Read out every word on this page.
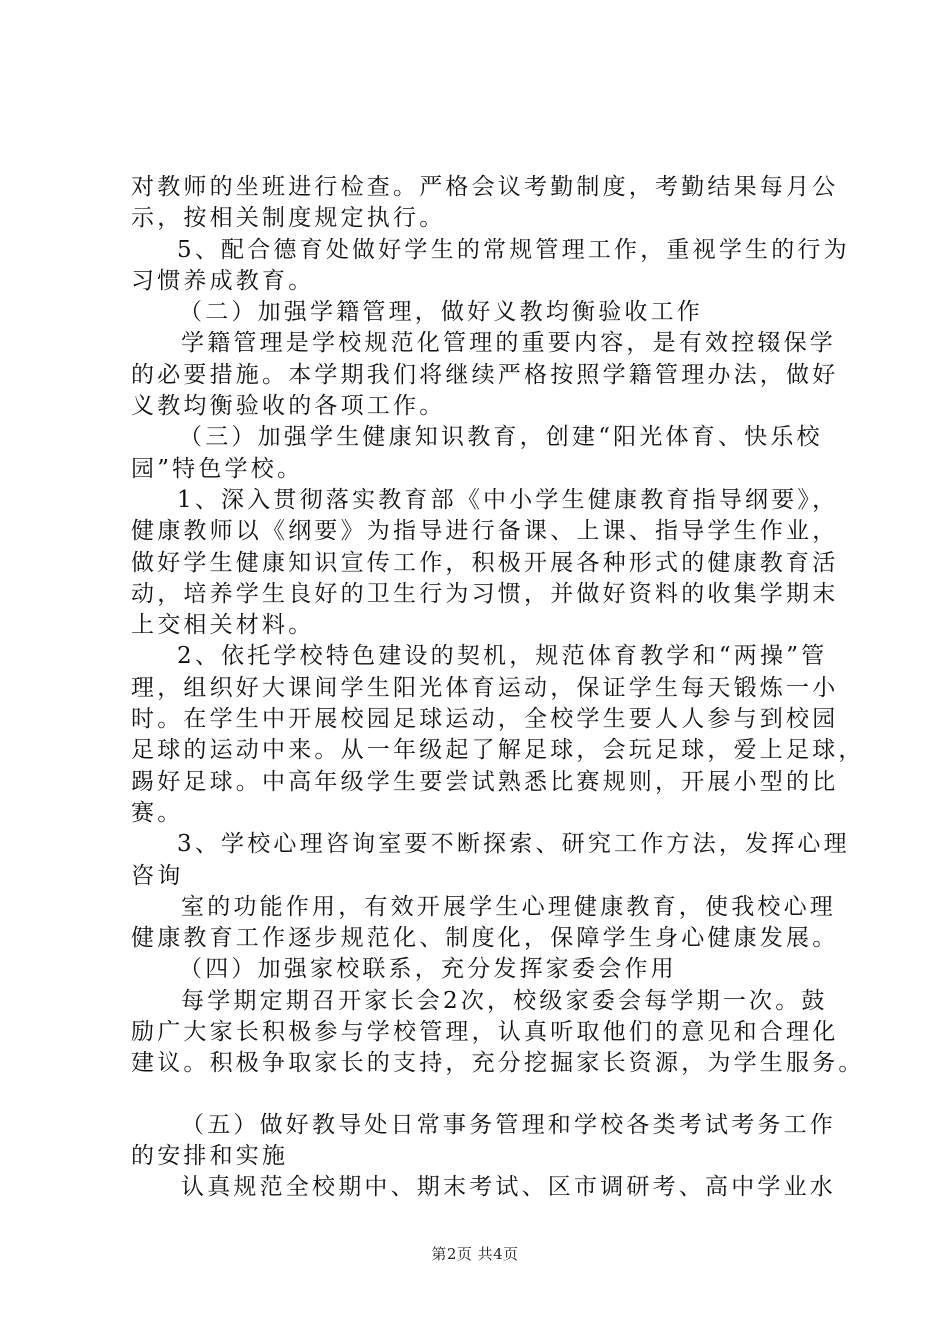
对教师的坐班进行检查。严格会议考勤制度，考勤结果每月公
示，按相关制度规定执行。
5、配合德育处做好学生的常规管理工作，重视学生的行为
习惯养成教育。
（二）加强学籍管理，做好义教均衡验收工作
学籍管理是学校规范化管理的重要内容，是有效控辍保学
的必要措施。本学期我们将继续严格按照学籍管理办法，做好
义教均衡验收的各项工作。
（三）加强学生健康知识教育，创建“阳光体育、快乐校
园”特色学校。
1、深入贯彻落实教育部《中小学生健康教育指导纲要》，
健康教师以《纲要》为指导进行备课、上课、指导学生作业，
做好学生健康知识宣传工作，积极开展各种形式的健康教育活
动，培养学生良好的卫生行为习惯，并做好资料的收集学期末
上交相关材料。
2、依托学校特色建设的契机，规范体育教学和“两操”管
理，组织好大课间学生阳光体育运动，保证学生每天锻炼一小
时。在学生中开展校园足球运动，全校学生要人人参与到校园
足球的运动中来。从一年级起了解足球，会玩足球，爱上足球，
踢好足球。中高年级学生要尝试熟悉比赛规则，开展小型的比
赛。
3、学校心理咨询室要不断探索、研究工作方法，发挥心理
咨询
室的功能作用，有效开展学生心理健康教育，使我校心理
健康教育工作逐步规范化、制度化，保障学生身心健康发展。
（四）加强家校联系，充分发挥家委会作用
每学期定期召开家长会2次，校级家委会每学期一次。鼓
励广大家长积极参与学校管理，认真听取他们的意见和合理化
建议。积极争取家长的支持，充分挖掘家长资源，为学生服务。
（五）做好教导处日常事务管理和学校各类考试考务工作
的安排和实施
认真规范全校期中、期末考试、区市调研考、高中学业水
第2页 共4页
